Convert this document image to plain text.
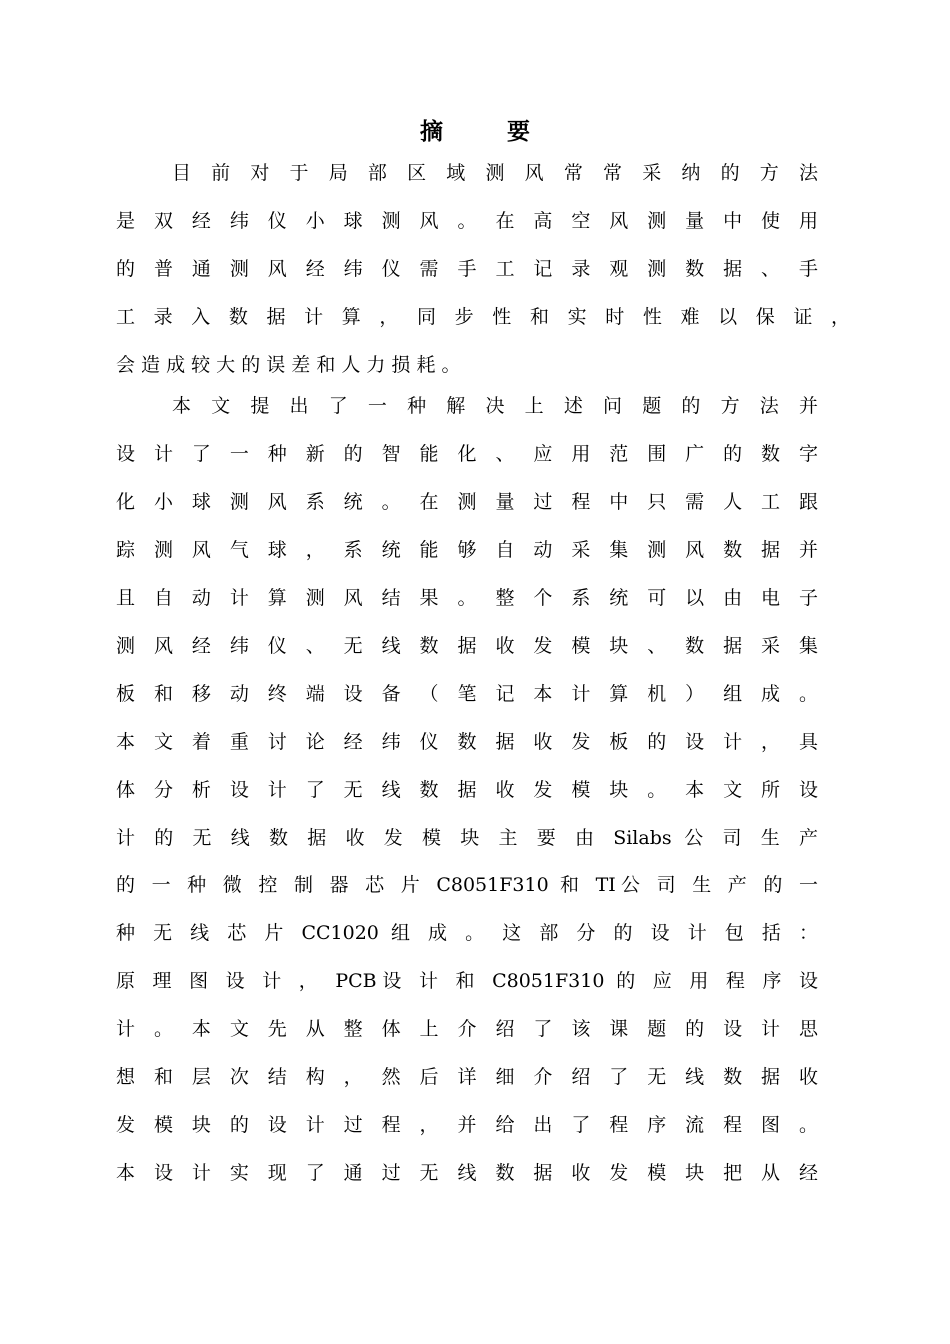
摘	要
目 前 对 于 局 部 区 域 测 风 常 常 采 纳 的 方 法
是 双 经 纬 仪 小 球 测 风 。 在 高 空 风 测 量 中 使 用
的 普 通 测 风 经 纬 仪 需 手 工 记 录 观 测 数 据 、 手
工 录 入 数 据 计 算 ， 同 步 性 和 实 时 性 难 以 保 证 ，
会 造 成 较 大 的 误 差 和 人 力 损 耗 。
本 文 提 出 了 一 种 解 决 上 述 问 题 的 方 法 并
设 计 了 一 种 新 的 智 能 化 、 应 用 范 围 广 的 数 字
化 小 球 测 风 系 统 。 在 测 量 过 程 中 只 需 人 工 跟
踪 测 风 气 球 ， 系 统 能 够 自 动 采 集 测 风 数 据 并
且 自 动 计 算 测 风 结 果 。 整 个 系 统 可 以 由 电 子
测 风 经 纬 仪 、 无 线 数 据 收 发 模 块 、 数 据 采 集
板 和 移 动 终 端 设 备 （ 笔 记 本 计 算 机 ） 组 成 。
本 文 着 重 讨 论 经 纬 仪 数 据 收 发 板 的 设 计 ， 具
体 分 析 设 计 了 无 线 数 据 收 发 模 块 。 本 文 所 设
计 的 无 线 数 据 收 发 模 块 主 要 由 Silabs 公 司 生 产
的 一 种 微 控 制 器 芯 片 C8051F310 和 TI公 司 生 产 的 一
种 无 线 芯 片 CC1020 组 成 。 这 部 分 的 设 计 包 括 ：
原 理 图 设 计 ， PCB设 计 和 C8051F310 的 应 用 程 序 设
计 。 本 文 先 从 整 体 上 介 绍 了 该 课 题 的 设 计 思
想 和 层 次 结 构 ， 然 后 详 细 介 绍 了 无 线 数 据 收
发 模 块 的 设 计 过 程 ， 并 给 出 了 程 序 流 程 图 。
本 设 计 实 现 了 通 过 无 线 数 据 收 发 模 块 把 从 经
